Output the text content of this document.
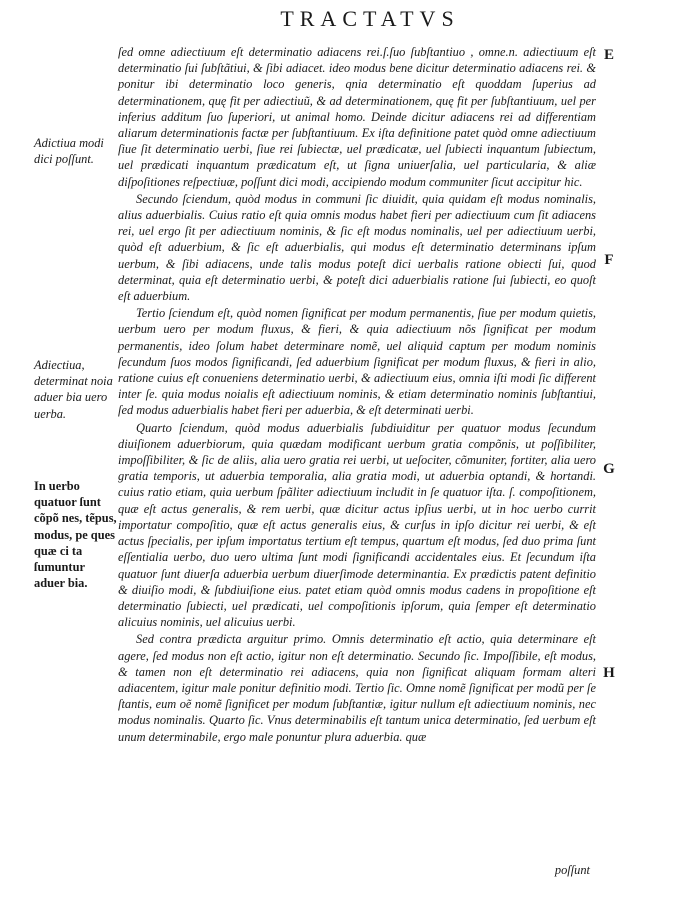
TRACTATVS
E
F
G
H
Adictiua modi dici poſſunt.
Adiectiua, determinat noia aduer bia uero uerba.
In uerbo quatuor ſunt cõpõ nes, tẽpus, modus, pe ques quæ ci ta ſumuntur aduer bia.

ſed omne adiectiuum eſt determinatio adiacens rei.ſ.ſuo ſubſtantiuo , omne.n. adiectiuum eſt determinatio ſui ſubſtãtiui, & ſibi adiacet. ideo modus bene dicitur determinatio adiacens rei. & ponitur ibi determinatio loco generis, qnia determinatio eſt quoddam ſuperius ad determinationem, quę fit per adiectiuũ, & ad determinationem, quę fit per ſubſtantiuum, uel per inferius additum ſuo ſuperiori, ut animal homo. Deinde dicitur adiacens rei ad differentiam aliarum determinationis factæ per ſubſtantiuum. Ex iſta definitione patet quòd omne adiectiuum ſiue ſit determinatio uerbi, ſiue rei ſubiectæ, uel prædicatæ, uel ſubiecti inquantum ſubiectum, uel prædicati inquantum prædicatum eſt, ut ſigna uniuerſalia, uel particularia, & aliæ diſpoſitiones reſpectiuæ, poſſunt dici modi, accipiendo modum communiter ſicut accipitur hic.

Secundo ſciendum, quòd modus in communi ſic diuidit, quia quidam eſt modus nominalis, alius aduerbialis. Cuius ratio eſt quia omnis modus habet fieri per adiectiuum cum ſit adiacens rei, uel ergo ſit per adiectiuum nominis, & ſic eſt modus nominalis, uel per adiectiuum uerbi, quòd eſt aduerbium, & ſic eſt aduerbialis, qui modus eſt determinatio determinans ipſum uerbum, & ſibi adiacens, unde talis modus poteſt dici uerbalis ratione obiecti ſui, quod determinat, quia eſt determinatio uerbi, & poteſt dici aduerbialis ratione ſui ſubiecti, eo quoſt eſt aduerbium.

Tertio ſciendum eſt, quòd nomen ſignificat per modum permanentis, ſiue per modum quietis, uerbum uero per modum fluxus, & fieri, & quia adiectiuum nõs ſignificat per modum permanentis, ideo ſolum habet determinare nomẽ, uel aliquid captum per modum nominis ſecundum ſuos modos ſignificandi, ſed aduerbium ſignificat per modum fluxus, & fieri in alio, ratione cuius eſt conueniens determinatio uerbi, & adiectiuum eius, omnia iſti modi ſic different inter ſe. quia modus noialis eſt adiectiuum nominis, & etiam determinatio nominis ſubſtantiui, ſed modus aduerbialis habet fieri per aduerbia, & eſt determinati uerbi.

Quarto ſciendum, quòd modus aduerbialis ſubdiuiditur per quatuor modus ſecundum diuiſionem aduerbiorum, quia quædam modificant uerbum gratia compõnis, ut poſſibiliter, impoſſibiliter, & ſic de aliis, alia uero gratia rei uerbi, ut ueſociter, cõmuniter, fortiter, alia uero gratia temporis, ut aduerbia temporalia, alia gratia modi, ut aduerbia optandi, & hortandi. cuius ratio etiam, quia uerbum ſpãliter adiectiuum includit in ſe quatuor iſta. ſ. compoſitionem, quæ eſt actus generalis, & rem uerbi, quæ dicitur actus ipſius uerbi, ut in hoc uerbo currit importatur compoſitio, quæ eſt actus generalis eius, & curſus in ipſo dicitur rei uerbi, & eſt actus ſpecialis, per ipſum importatus tertium eſt tempus, quartum eſt modus, ſed duo prima ſunt eſſentialia uerbo, duo uero ultima ſunt modi ſignificandi accidentales eius. Et ſecundum iſta quatuor ſunt diuerſa aduerbia uerbum diuerſimode determinantia. Ex prædictis patent definitio & diuiſio modi, & ſubdiuiſione eius. patet etiam quòd omnis modus cadens in propoſitione eſt determinatio ſubiecti, uel prædicati, uel compoſitionis ipſorum, quia ſemper eſt determinatio alicuius nominis, uel alicuius uerbi.

Sed contra prædicta arguitur primo. Omnis determinatio eſt actio, quia determinare eſt agere, ſed modus non eſt actio, igitur non eſt determinatio. Secundo ſic. Impoſſibile, eſt modus, & tamen non eſt determinatio rei adiacens, quia non ſignificat aliquam formam alteri adiacentem, igitur male ponitur definitio modi. Tertio ſic. Omne nomẽ ſignificat per modũ per ſe ſtantis, eum oẽ nomẽ ſignificet per modum ſubſtantiæ, igitur nullum eſt adiectiuum nominis, nec modus nominalis. Quarto ſic. Vnus determinabilis eſt tantum unica determinatio, ſed uerbum eſt unum determinabile, ergo male ponuntur plura aduerbia. quæ

poſſunt
